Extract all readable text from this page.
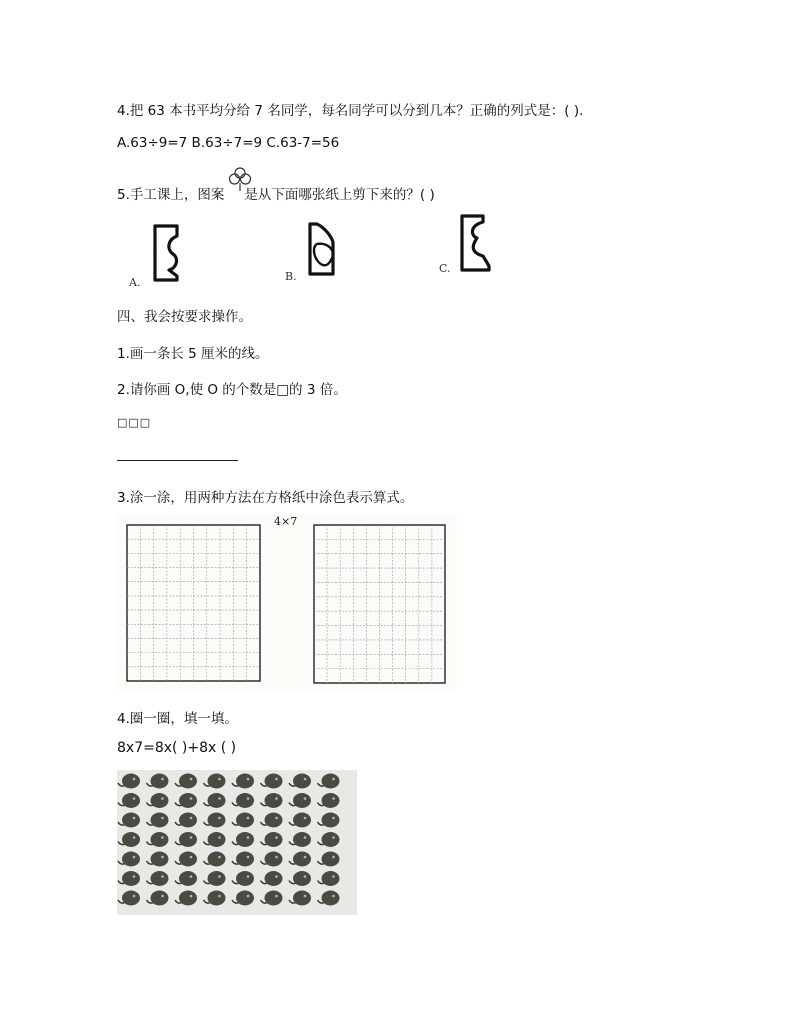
4.把 63 本书平均分给 7 名同学，每名同学可以分到几本？正确的列式是：( ).
A.63÷9=7 B.63÷7=9 C.63-7=56
5.手工课上，图案 是从下面哪张纸上剪下来的？( )
A.	B.
C.
四、我会按要求操作。
1.画一条长 5 厘米的线。
2.请你画 O,使 O 的个数是□的 3 倍。
□□□
3.涂一涂，用两种方法在方格纸中涂色表示算式。
4×7
4.圈一圈，填一填。
8x7=8x( )+8x ( )
